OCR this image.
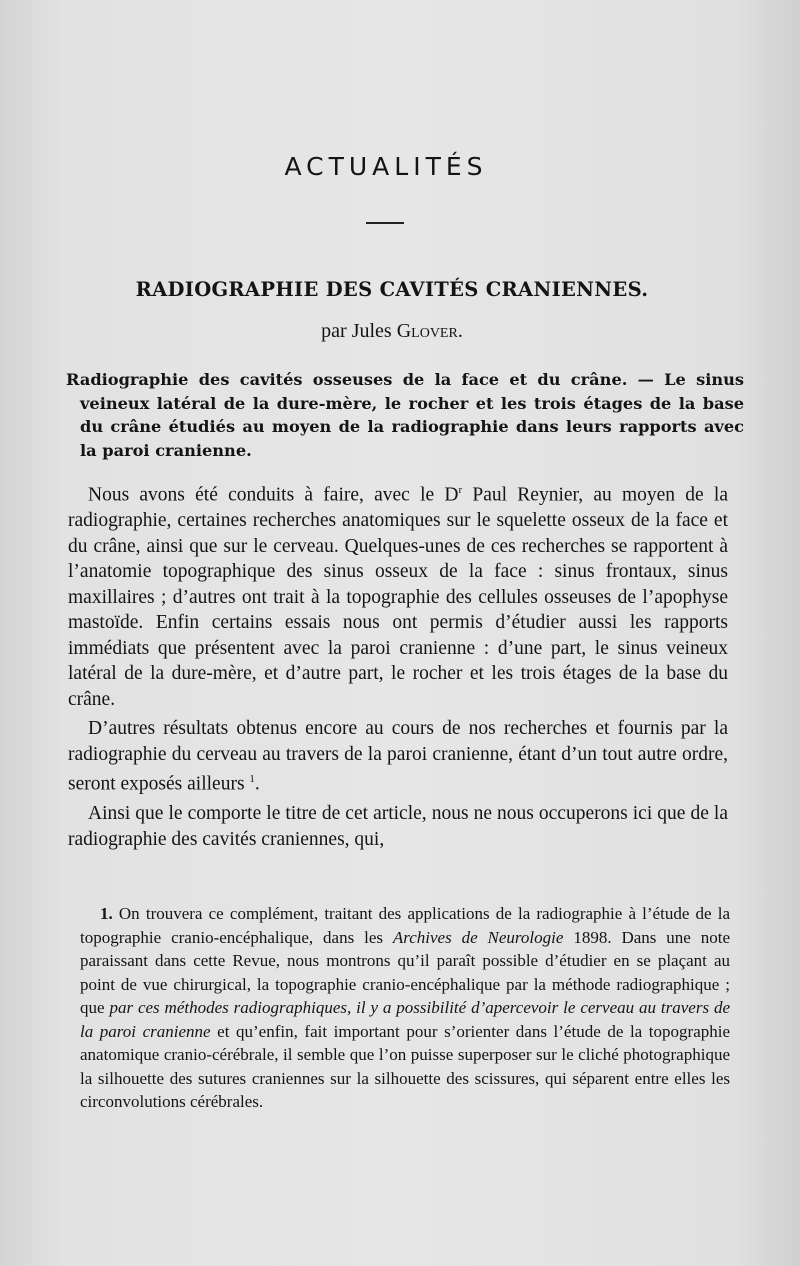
ACTUALITÉS
RADIOGRAPHIE DES CAVITÉS CRANIENNES.
par Jules Glover.

Radiographie des cavités osseuses de la face et du crâne. — Le sinus veineux latéral de la dure-mère, le rocher et les trois étages de la base du crâne étudiés au moyen de la radiographie dans leurs rapports avec la paroi cranienne.

Nous avons été conduits à faire, avec le $D^r$ Paul Reynier, au moyen de la radiographie, certaines recherches anatomiques sur le squelette osseux de la face et du crâne, ainsi que sur le cerveau. Quelques-unes de ces recherches se rapportent à l’anatomie topographique des sinus osseux de la face : sinus frontaux, sinus maxillaires ; d’autres ont trait à la topographie des cellules osseuses de l’apophyse mastoïde. Enfin certains essais nous ont permis d’étudier aussi les rapports immédiats que présentent avec la paroi cranienne : d’une part, le sinus veineux latéral de la dure-mère, et d’autre part, le rocher et les trois étages de la base du crâne.

D’autres résultats obtenus encore au cours de nos recherches et fournis par la radiographie du cerveau au travers de la paroi cranienne, étant d’un tout autre ordre, seront exposés ailleurs $^1$.

Ainsi que le comporte le titre de cet article, nous ne nous occuperons ici que de la radiographie des cavités craniennes, qui,

1. On trouvera ce complément, traitant des applications de la radiographie à l’étude de la topographie cranio-encéphalique, dans les Archives de Neurologie 1898. Dans une note paraissant dans cette Revue, nous montrons qu’il paraît possible d’étudier en se plaçant au point de vue chirurgical, la topographie cranio-encéphalique par la méthode radiographique ; que par ces méthodes radiographiques, il y a possibilité d’apercevoir le cerveau au travers de la paroi cranienne et qu’enfin, fait important pour s’orienter dans l’étude de la topographie anatomique cranio-cérébrale, il semble que l’on puisse superposer sur le cliché photographique la silhouette des sutures craniennes sur la silhouette des scissures, qui séparent entre elles les circonvolutions cérébrales.
